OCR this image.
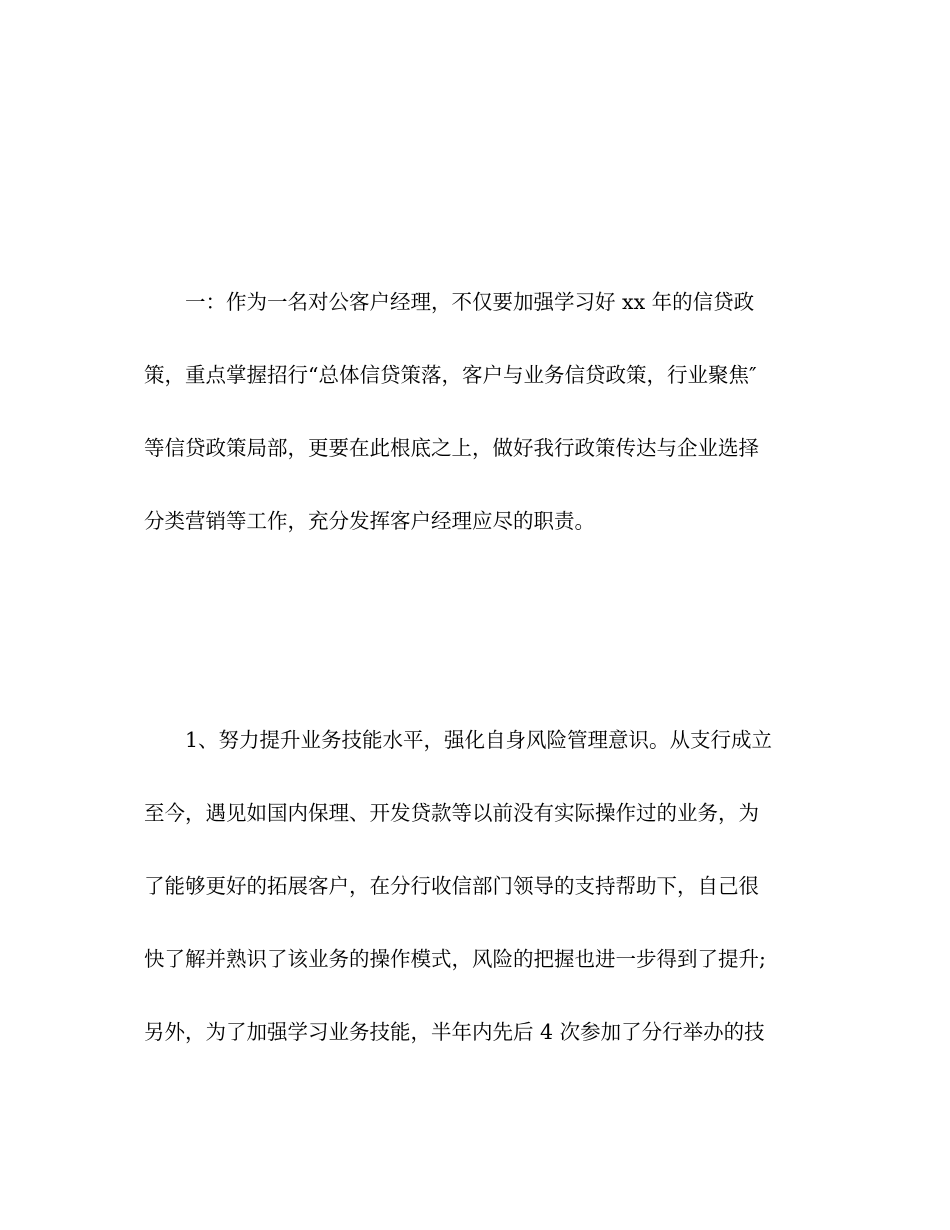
一：作为一名对公客户经理，不仅要加强学习好 xx 年的信贷政
策，重点掌握招行“总体信贷策落，客户与业务信贷政策，行业聚焦″
等信贷政策局部，更要在此根底之上，做好我行政策传达与企业选择
分类营销等工作，充分发挥客户经理应尽的职责。
1、努力提升业务技能水平，强化自身风险管理意识。从支行成立
至今，遇见如国内保理、开发贷款等以前没有实际操作过的业务，为
了能够更好的拓展客户，在分行收信部门领导的支持帮助下，自己很
快了解并熟识了该业务的操作模式，风险的把握也进一步得到了提升;
另外，为了加强学习业务技能，半年内先后 4 次参加了分行举办的技
